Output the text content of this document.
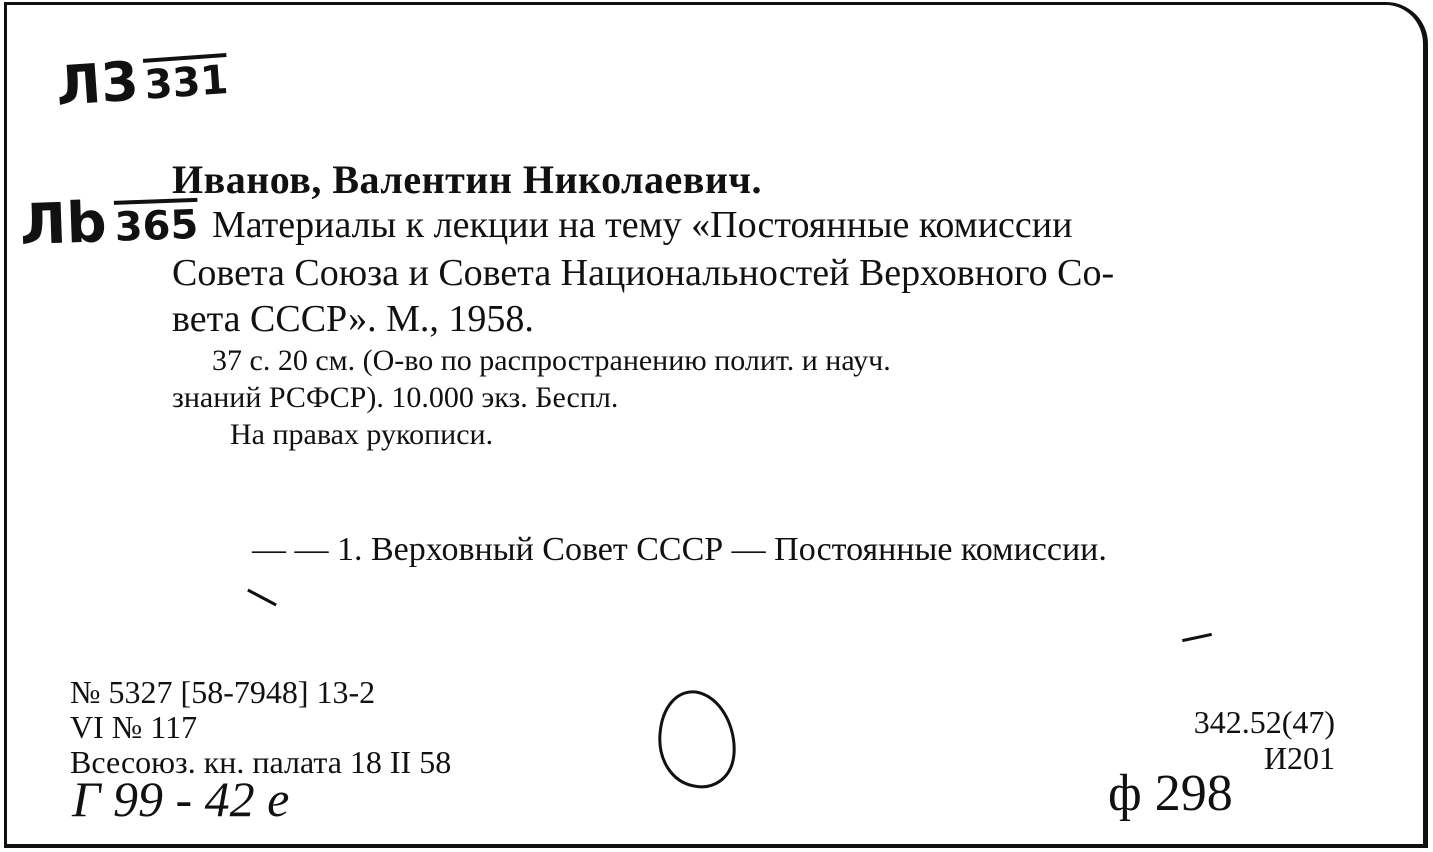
Л3331
Лb 365
Иванов, Валентин Николаевич.
Материалы к лекции на тему «Постоянные комиссии
Совета Союза и Совета Национальностей Верховного Со-
вета СССР». М., 1958.
37 с. 20 см. (О-во по распространению полит. и науч.
знаний РСФСР). 10.000 экз. Беспл.
На правах рукописи.
— — 1. Верховный Совет СССР — Постоянные комиссии.
№ 5327 [58-7948] 13-2
VI № 117
Всесоюз. кн. палата 18 II 58
342.52(47)
И201
Г 99 - 42 е	ф 298
